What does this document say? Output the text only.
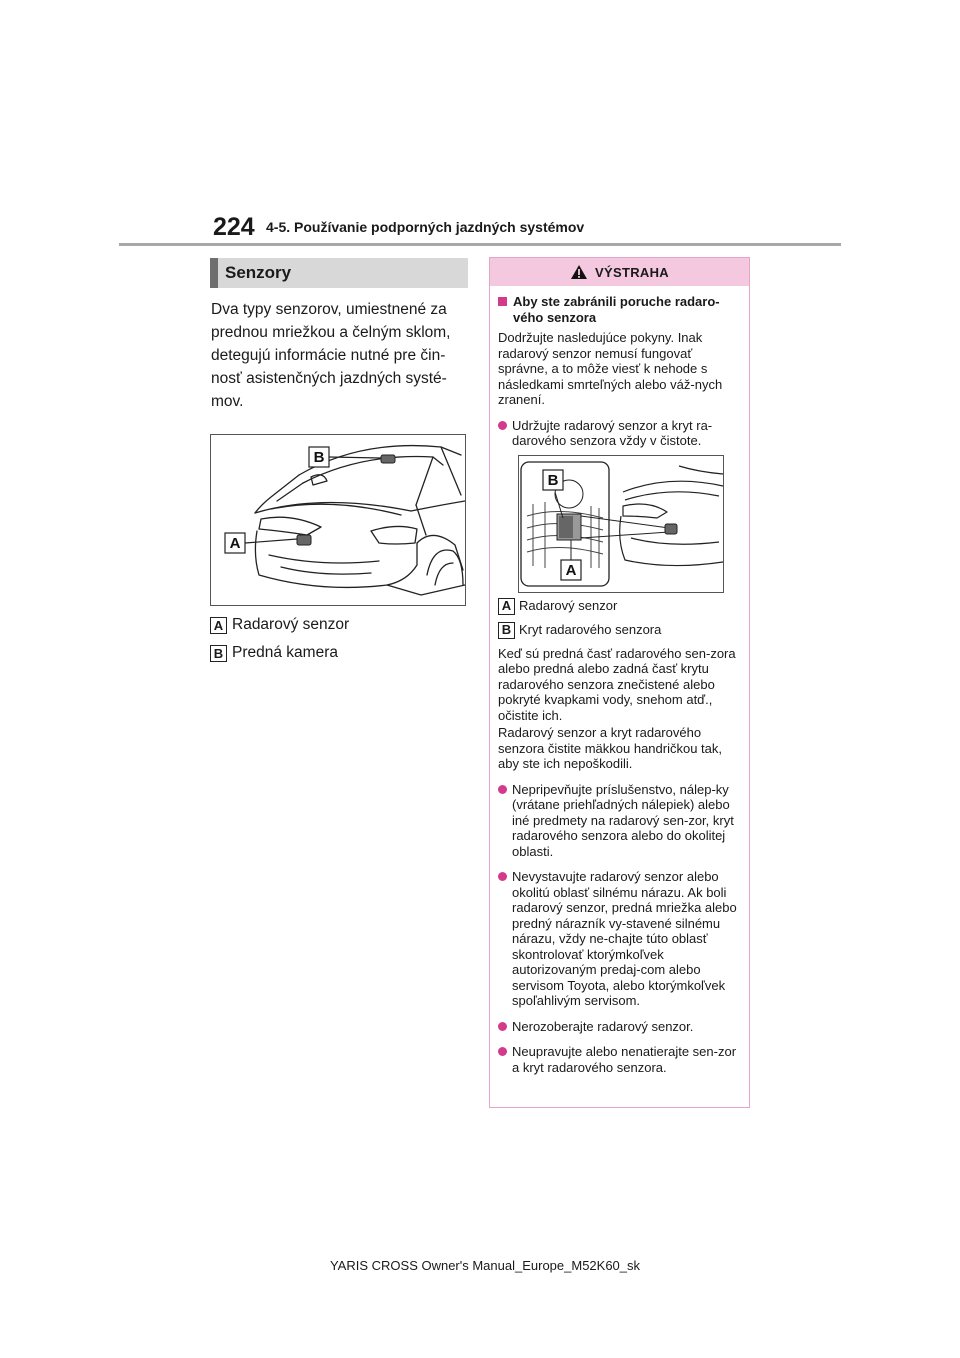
224 4-5. Používanie podporných jazdných systémov
Senzory
Dva typy senzorov, umiestnené za prednou mriežkou a čelným sklom, detegujú informácie nutné pre čin-nosť asistenčných jazdných systé-mov.
B
A
A Radarový senzor
B Predná kamera
VÝSTRAHA
Aby ste zabránili poruche radaro-vého senzora
Dodržujte nasledujúce pokyny. Inak radarový senzor nemusí fungovať správne, a to môže viesť k nehode s následkami smrteľných alebo váž-nych zranení.
Udržujte radarový senzor a kryt ra-darového senzora vždy v čistote.
B
A
A Radarový senzor
B Kryt radarového senzora
Keď sú predná časť radarového sen-zora alebo predná alebo zadná časť krytu radarového senzora znečistené alebo pokryté kvapkami vody, snehom atď., očistite ich.
Radarový senzor a kryt radarového senzora čistite mäkkou handričkou tak, aby ste ich nepoškodili.
Nepripevňujte príslušenstvo, nálep-ky (vrátane priehľadných nálepiek) alebo iné predmety na radarový sen-zor, kryt radarového senzora alebo do okolitej oblasti.
Nevystavujte radarový senzor alebo okolitú oblasť silnému nárazu. Ak boli radarový senzor, predná mriežka alebo predný nárazník vy-stavené silnému nárazu, vždy ne-chajte túto oblasť skontrolovať ktorýmkoľvek autorizovaným predaj-com alebo servisom Toyota, alebo ktorýmkoľvek spoľahlivým servisom.
Nerozoberajte radarový senzor.
Neupravujte alebo nenatierajte sen-zor a kryt radarového senzora.
YARIS CROSS Owner's Manual_Europe_M52K60_sk
